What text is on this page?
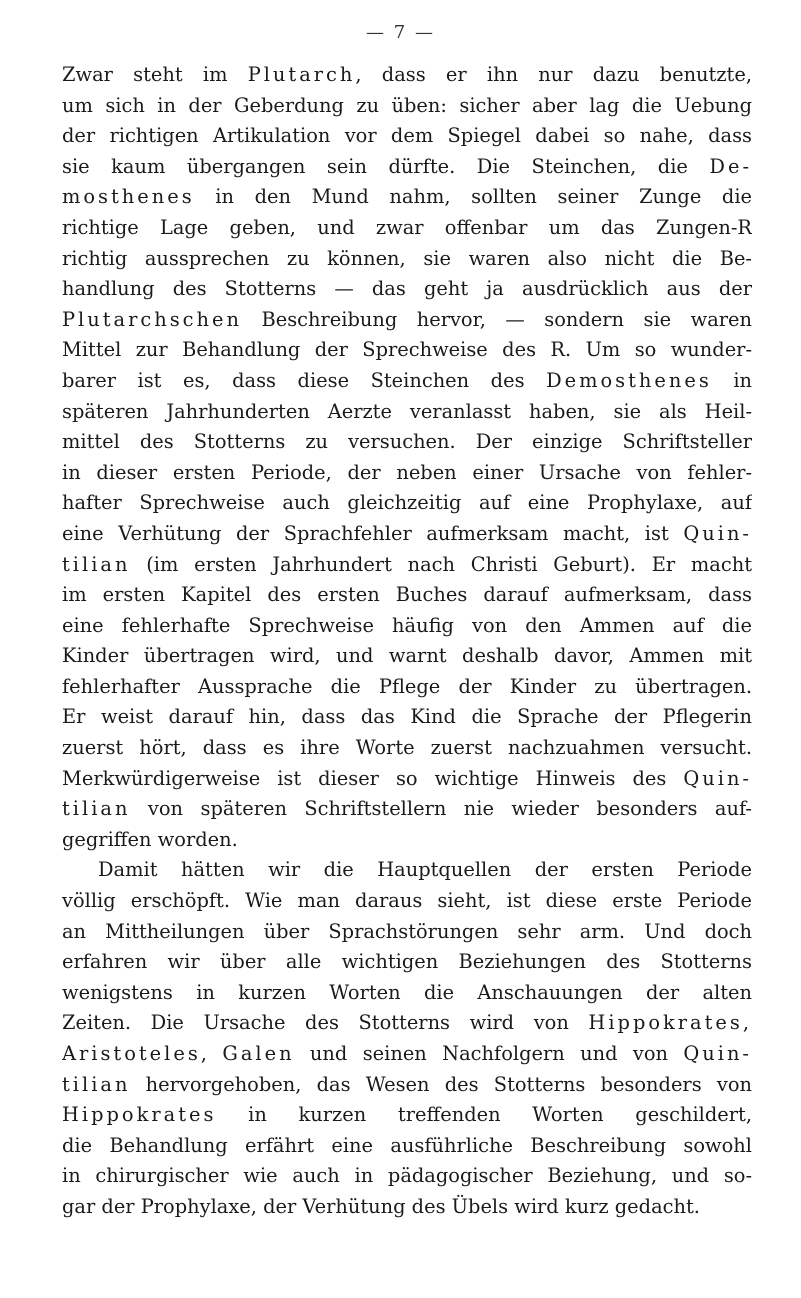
— 7 —
Zwar steht im Plutarch, dass er ihn nur dazu benutzte,
um sich in der Geberdung zu üben: sicher aber lag die Uebung
der richtigen Artikulation vor dem Spiegel dabei so nahe, dass
sie kaum übergangen sein dürfte. Die Steinchen, die De-
mosthenes in den Mund nahm, sollten seiner Zunge die
richtige Lage geben, und zwar offenbar um das Zungen-R
richtig aussprechen zu können, sie waren also nicht die Be-
handlung des Stotterns — das geht ja ausdrücklich aus der
Plutarchschen Beschreibung hervor, — sondern sie waren
Mittel zur Behandlung der Sprechweise des R. Um so wunder-
barer ist es, dass diese Steinchen des Demosthenes in
späteren Jahrhunderten Aerzte veranlasst haben, sie als Heil-
mittel des Stotterns zu versuchen. Der einzige Schriftsteller
in dieser ersten Periode, der neben einer Ursache von fehler-
hafter Sprechweise auch gleichzeitig auf eine Prophylaxe, auf
eine Verhütung der Sprachfehler aufmerksam macht, ist Quin-
tilian (im ersten Jahrhundert nach Christi Geburt). Er macht
im ersten Kapitel des ersten Buches darauf aufmerksam, dass
eine fehlerhafte Sprechweise häufig von den Ammen auf die
Kinder übertragen wird, und warnt deshalb davor, Ammen mit
fehlerhafter Aussprache die Pflege der Kinder zu übertragen.
Er weist darauf hin, dass das Kind die Sprache der Pflegerin
zuerst hört, dass es ihre Worte zuerst nachzuahmen versucht.
Merkwürdigerweise ist dieser so wichtige Hinweis des Quin-
tilian von späteren Schriftstellern nie wieder besonders auf-
gegriffen worden.
Damit hätten wir die Hauptquellen der ersten Periode
völlig erschöpft. Wie man daraus sieht, ist diese erste Periode
an Mittheilungen über Sprachstörungen sehr arm. Und doch
erfahren wir über alle wichtigen Beziehungen des Stotterns
wenigstens in kurzen Worten die Anschauungen der alten
Zeiten. Die Ursache des Stotterns wird von Hippokrates,
Aristoteles, Galen und seinen Nachfolgern und von Quin-
tilian hervorgehoben, das Wesen des Stotterns besonders von
Hippokrates in kurzen treffenden Worten geschildert,
die Behandlung erfährt eine ausführliche Beschreibung sowohl
in chirurgischer wie auch in pädagogischer Beziehung, und so-
gar der Prophylaxe, der Verhütung des Übels wird kurz gedacht.
